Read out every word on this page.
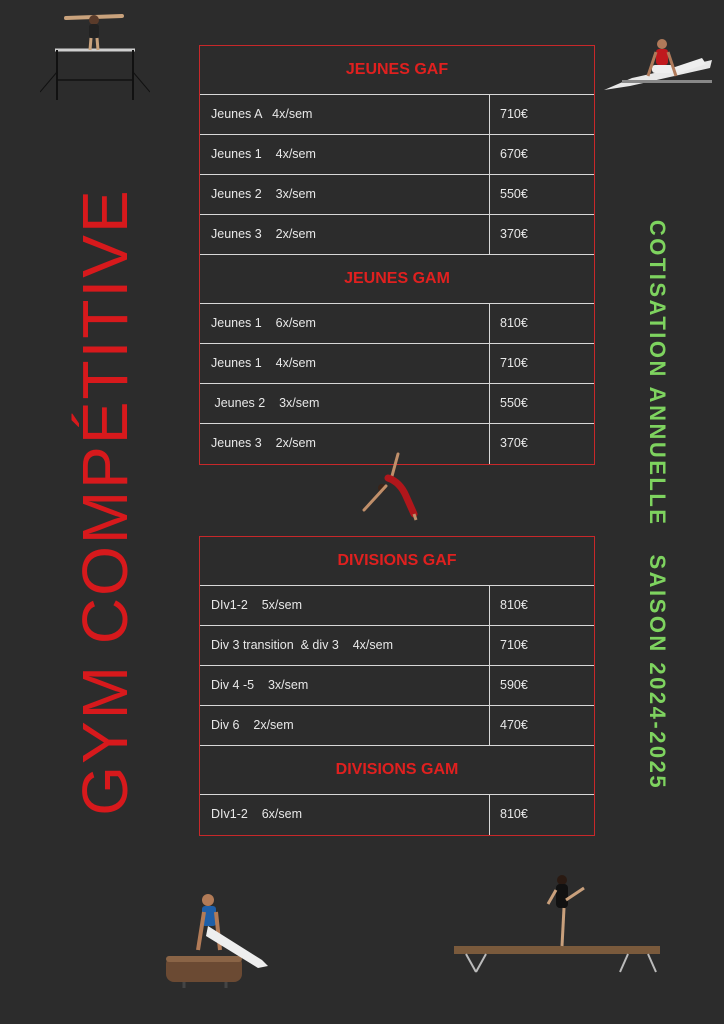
GYM COMPÉTITIVE	COTISATION ANNUELLESAISON 2024-2025
JEUNES GAF
Jeunes A   4x/sem	710€
Jeunes 1    4x/sem	670€
Jeunes 2    3x/sem	550€
Jeunes 3    2x/sem	370€
JEUNES GAM
Jeunes 1    6x/sem	810€
Jeunes 1    4x/sem	710€
Jeunes 2    3x/sem	550€
Jeunes 3    2x/sem	370€
DIVISIONS GAF
DIv1-2    5x/sem	810€
Div 3 transition  & div 3    4x/sem	710€
Div 4 -5    3x/sem	590€
Div 6    2x/sem	470€
DIVISIONS GAM
DIv1-2    6x/sem	810€
